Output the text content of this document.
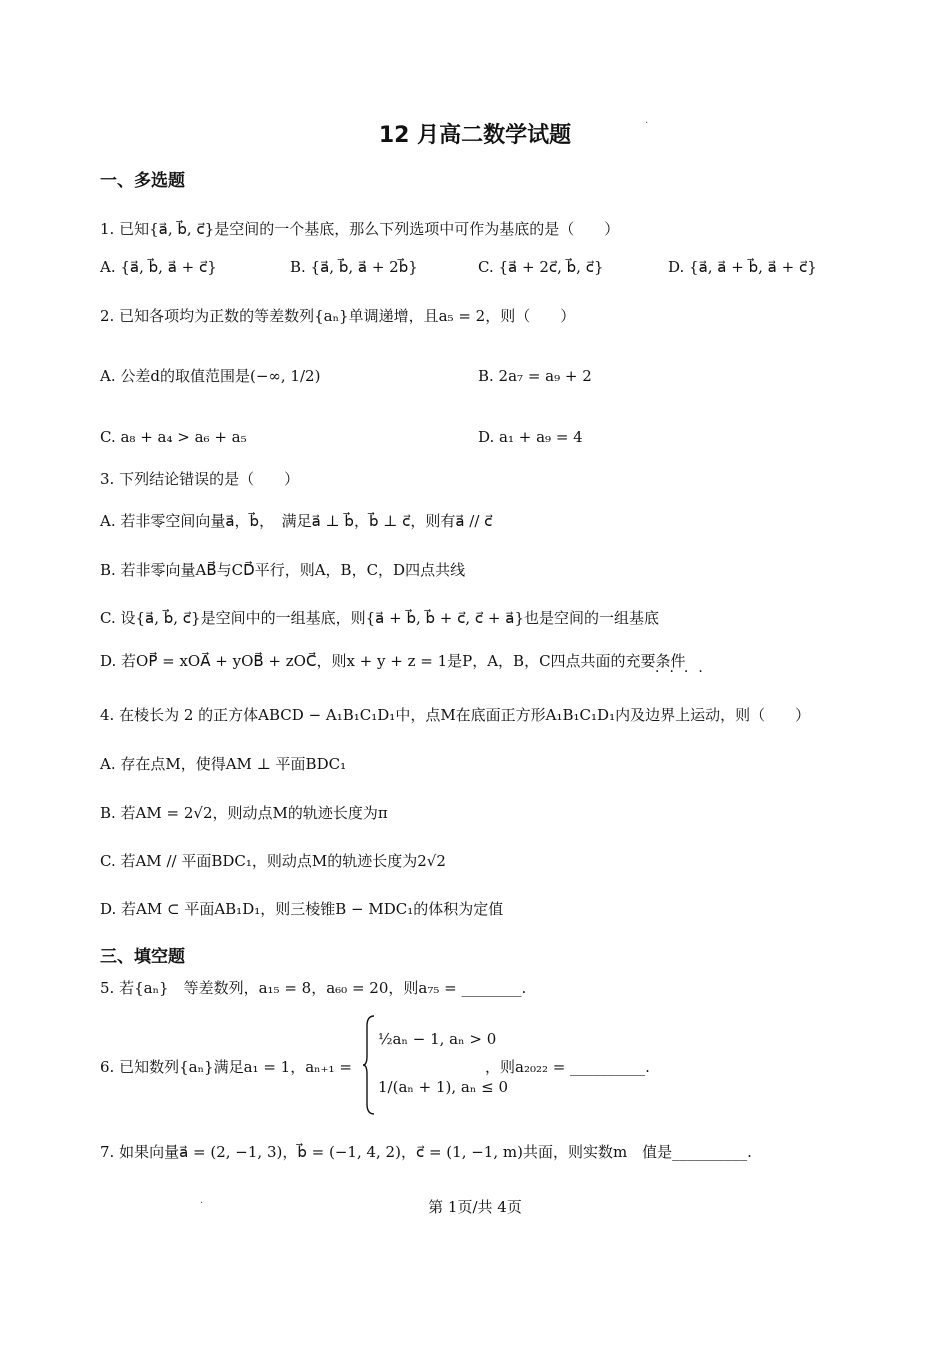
12 月高二数学试题	·
一、多选题
1. 已知{a⃗, b⃗, c⃗}是空间的一个基底，那么下列选项中可作为基底的是（　　）
A. {a⃗, b⃗, a⃗ + c⃗}	B. {a⃗, b⃗, a⃗ + 2b⃗}	C. {a⃗ + 2c⃗, b⃗, c⃗}	D. {a⃗, a⃗ + b⃗, a⃗ + c⃗}
2. 已知各项均为正数的等差数列{aₙ}单调递增，且a₅ = 2，则（　　）
A. 公差d的取值范围是(−∞, 1/2)	B. 2a₇ = a₉ + 2
C. a₈ + a₄ > a₆ + a₅	D. a₁ + a₉ = 4
3. 下列结论错误的是（　　）
A. 若非零空间向量a⃗，b⃗，　满足a⃗ ⊥ b⃗，b⃗ ⊥ c⃗，则有a⃗ // c⃗
B. 若非零向量AB⃗与CD⃗平行，则A，B，C，D四点共线
C. 设{a⃗, b⃗, c⃗}是空间中的一组基底，则{a⃗ + b⃗, b⃗ + c⃗, c⃗ + a⃗}也是空间的一组基底
D. 若OP⃗ = xOA⃗ + yOB⃗ + zOC⃗，则x + y + z = 1是P，A，B，C四点共面的充要条件
····
4. 在棱长为 2 的正方体ABCD − A₁B₁C₁D₁中，点M在底面正方形A₁B₁C₁D₁内及边界上运动，则（　　）
A. 存在点M，使得AM ⊥ 平面BDC₁
B. 若AM = 2√2，则动点M的轨迹长度为π
C. 若AM // 平面BDC₁，则动点M的轨迹长度为2√2
D. 若AM ⊂ 平面AB₁D₁，则三棱锥B − MDC₁的体积为定值
三、填空题
5. 若{aₙ}　等差数列，a₁₅ = 8，a₆₀ = 20，则a₇₅ = ________.
6. 已知数列{aₙ}满足a₁ = 1，aₙ₊₁ =
½aₙ − 1, aₙ > 0
1/(aₙ + 1), aₙ ≤ 0
，则a₂₀₂₂ = __________.
7. 如果向量a⃗ = (2, −1, 3)，b⃗ = (−1, 4, 2)，c⃗ = (1, −1, m)共面，则实数m　值是__________.
·	第 1页/共 4页
